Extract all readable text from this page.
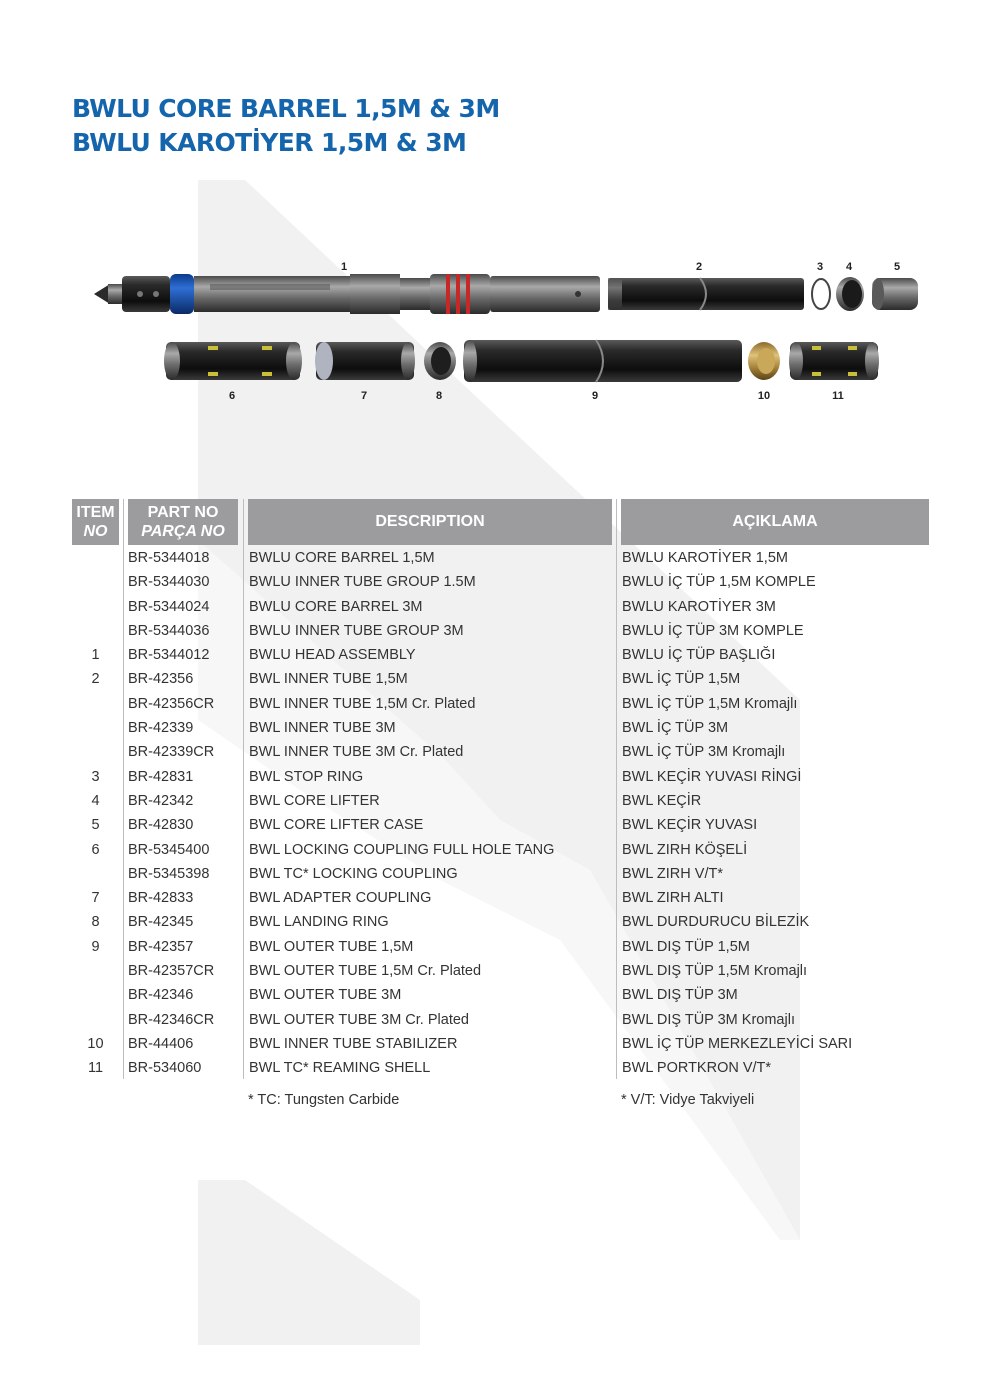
BWLU CORE BARREL 1,5M & 3M
BWLU KAROTİYER 1,5M & 3M
1	2	3 4	5
6	7	8	9	10	11
ITEM
NO
PART NO
PARÇA NO
DESCRIPTION	AÇIKLAMA
BR-5344018	BWLU CORE BARREL 1,5M	BWLU KAROTİYER 1,5M
BR-5344030	BWLU INNER TUBE GROUP 1.5M	BWLU İÇ TÜP 1,5M KOMPLE
BR-5344024	BWLU CORE BARREL 3M	BWLU KAROTİYER 3M
BR-5344036	BWLU INNER TUBE GROUP 3M	BWLU İÇ TÜP 3M KOMPLE
1	BR-5344012	BWLU HEAD ASSEMBLY	BWLU İÇ TÜP BAŞLIĞI
2	BR-42356	BWL INNER TUBE 1,5M	BWL İÇ TÜP 1,5M
BR-42356CR BWL INNER TUBE 1,5M Cr. Plated	BWL İÇ TÜP 1,5M Kromajlı
BR-42339	BWL INNER TUBE 3M	BWL İÇ TÜP 3M
BR-42339CR BWL INNER TUBE 3M Cr. Plated	BWL İÇ TÜP 3M Kromajlı
3	BR-42831	BWL STOP RING	BWL KEÇİR YUVASI RİNGİ
4	BR-42342	BWL CORE LIFTER	BWL KEÇİR
5	BR-42830	BWL CORE LIFTER CASE	BWL KEÇİR YUVASI
6	BR-5345400	BWL LOCKING COUPLING FULL HOLE TANG	BWL ZIRH KÖŞELİ
BR-5345398	BWL TC* LOCKING COUPLING	BWL ZIRH V/T*
7	BR-42833	BWL ADAPTER COUPLING	BWL ZIRH ALTI
8	BR-42345	BWL LANDING RING	BWL DURDURUCU BİLEZİK
9	BR-42357	BWL OUTER TUBE 1,5M	BWL DIŞ TÜP 1,5M
BR-42357CR BWL OUTER TUBE 1,5M Cr. Plated	BWL DIŞ TÜP 1,5M Kromajlı
BR-42346	BWL OUTER TUBE 3M	BWL DIŞ TÜP 3M
BR-42346CR BWL OUTER TUBE 3M Cr. Plated	BWL DIŞ TÜP 3M Kromajlı
10	BR-44406	BWL INNER TUBE STABILIZER	BWL İÇ TÜP MERKEZLEYİCİ SARI
11	BR-534060	BWL TC* REAMING SHELL	BWL PORTKRON V/T*
* TC: Tungsten Carbide	* V/T: Vidye Takviyeli
